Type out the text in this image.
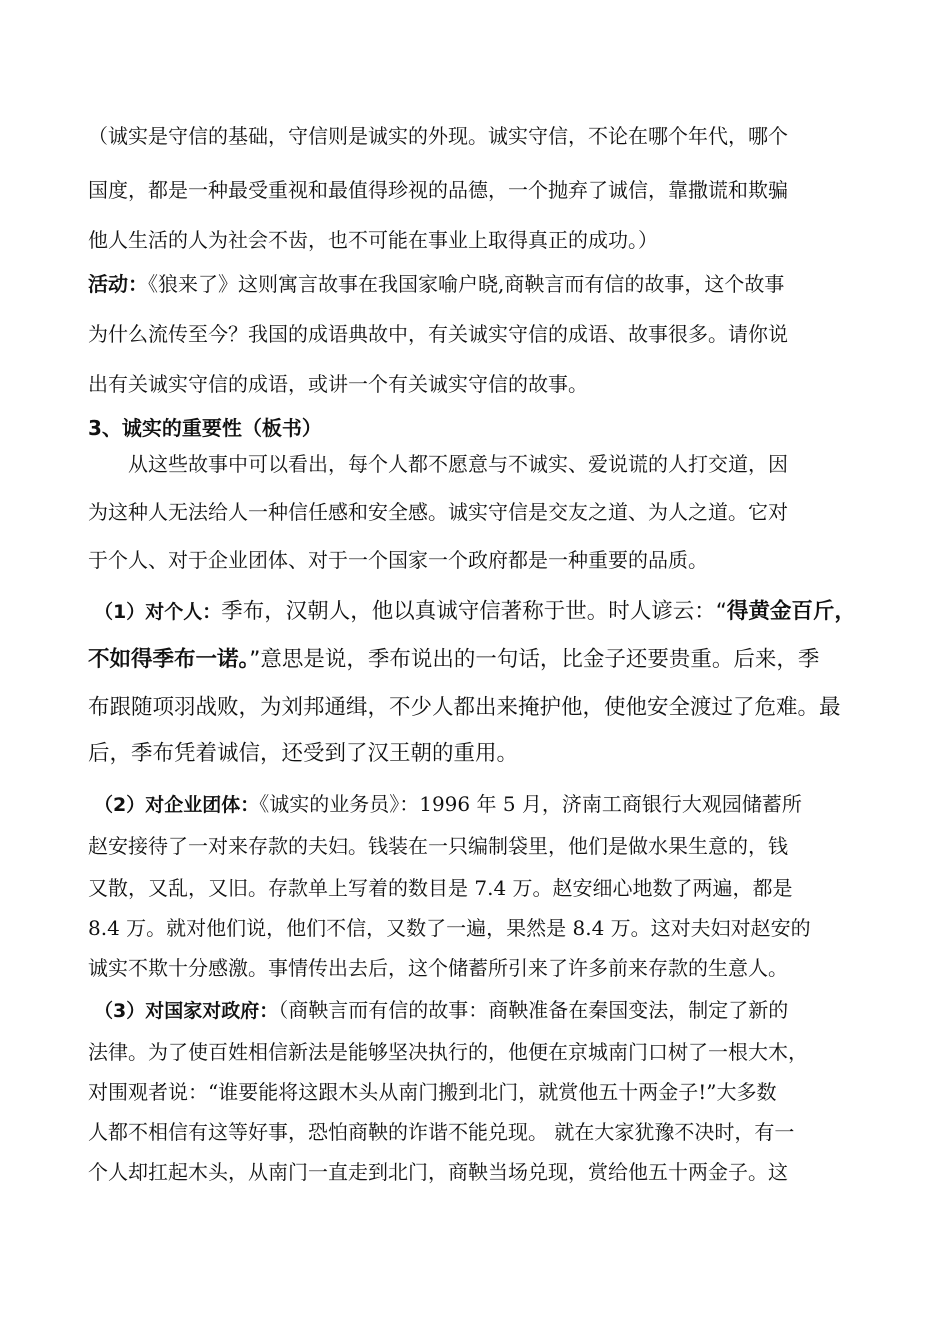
（诚实是守信的基础，守信则是诚实的外现。诚实守信，不论在哪个年代，哪个
国度，都是一种最受重视和最值得珍视的品德，一个抛弃了诚信，靠撒谎和欺骗
他人生活的人为社会不齿，也不可能在事业上取得真正的成功。）
活动：《狼来了》这则寓言故事在我国家喻户晓,商鞅言而有信的故事，这个故事
为什么流传至今？我国的成语典故中，有关诚实守信的成语、故事很多。请你说
出有关诚实守信的成语，或讲一个有关诚实守信的故事。
3、诚实的重要性（板书）
从这些故事中可以看出，每个人都不愿意与不诚实、爱说谎的人打交道，因
为这种人无法给人一种信任感和安全感。诚实守信是交友之道、为人之道。它对
于个人、对于企业团体、对于一个国家一个政府都是一种重要的品质。
（1）对个人：季布，汉朝人，他以真诚守信著称于世。时人谚云：“得黄金百斤，
不如得季布一诺。”意思是说，季布说出的一句话，比金子还要贵重。后来，季
布跟随项羽战败，为刘邦通缉，不少人都出来掩护他，使他安全渡过了危难。最
后，季布凭着诚信，还受到了汉王朝的重用。
（2）对企业团体：《诚实的业务员》：1996 年 5 月，济南工商银行大观园储蓄所
赵安接待了一对来存款的夫妇。钱装在一只编制袋里，他们是做水果生意的，钱
又散，又乱，又旧。存款单上写着的数目是 7.4 万。赵安细心地数了两遍，都是
8.4 万。就对他们说，他们不信，又数了一遍，果然是 8.4 万。这对夫妇对赵安的
诚实不欺十分感激。事情传出去后，这个储蓄所引来了许多前来存款的生意人。
（3）对国家对政府：（商鞅言而有信的故事：商鞅准备在秦国变法，制定了新的
法律。为了使百姓相信新法是能够坚决执行的，他便在京城南门口树了一根大木，
对围观者说：“谁要能将这跟木头从南门搬到北门，就赏他五十两金子!”大多数
人都不相信有这等好事，恐怕商鞅的诈谐不能兑现。 就在大家犹豫不决时，有一
个人却扛起木头，从南门一直走到北门，商鞅当场兑现，赏给他五十两金子。这
